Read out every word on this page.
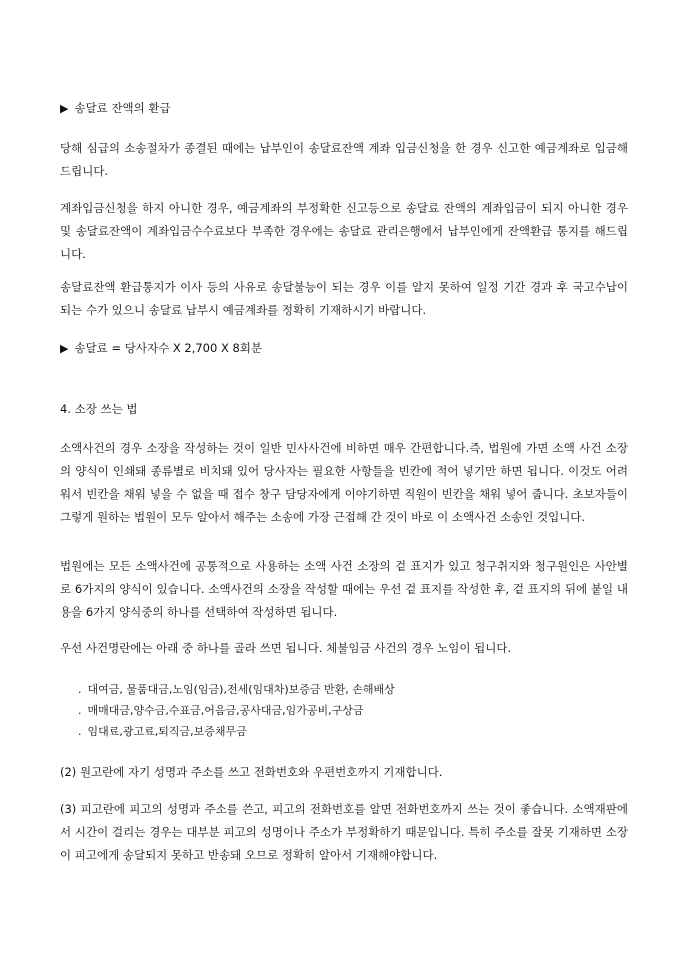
▶ 송달료 잔액의 환급

당해 심급의 소송절차가 종결된 때에는 납부인이 송달료잔액 계좌 입금신청을 한 경우 신고한 예금계좌로 입금해드립니다.

계좌입금신청을 하지 아니한 경우, 예금계좌의 부정확한 신고등으로 송달료 잔액의 계좌입금이 되지 아니한 경우 및 송달료잔액이 계좌입금수수료보다 부족한 경우에는 송달료 관리은행에서 납부인에게 잔액환급 통지를 해드립니다.

송달료잔액 환급통지가 이사 등의 사유로 송달불능이 되는 경우 이를 알지 못하여 일정 기간 경과 후 국고수납이 되는 수가 있으니 송달료 납부시 예금계좌를 정확히 기재하시기 바랍니다.

▶ 송달료 = 당사자수 X 2,700 X 8회분

4. 소장 쓰는 법

소액사건의 경우 소장을 작성하는 것이 일반 민사사건에 비하면 매우 간편합니다.즉, 법원에 가면 소액 사건 소장의 양식이 인쇄돼 종류별로 비치돼 있어 당사자는 필요한 사항들을 빈칸에 적어 넣기만 하면 됩니다. 이것도 어려워서 빈칸을 채워 넣을 수 없을 때 접수 창구 담당자에게 이야기하면 직원이 빈칸을 채워 넣어 줍니다. 초보자들이 그렇게 원하는 법원이 모두 알아서 해주는 소송에 가장 근접해 간 것이 바로 이 소액사건 소송인 것입니다.

법원에는 모든 소액사건에 공통적으로 사용하는 소액 사건 소장의 겉 표지가 있고 청구취지와 청구원인은 사안별로 6가지의 양식이 있습니다. 소액사건의 소장을 작성할 때에는 우선 겉 표지를 작성한 후, 겉 표지의 뒤에 붙일 내용을 6가지 양식중의 하나를 선택하여 작성하면 됩니다.

우선 사건명란에는 아래 중 하나를 골라 쓰면 됩니다. 체불임금 사건의 경우 노임이 됩니다.

. 대여금, 물품대금,노임(임금),전세(임대차)보증금 반환, 손해배상
. 매매대금,양수금,수표금,어음금,공사대금,임가공비,구상금
. 임대료,광고료,퇴직금,보증채무금

(2) 원고란에 자기 성명과 주소를 쓰고 전화번호와 우편번호까지 기재합니다.

(3) 피고란에 피고의 성명과 주소를 쓴고, 피고의 전화번호를 알면 전화번호까지 쓰는 것이 좋습니다. 소액재판에서 시간이 걸리는 경우는 대부분 피고의 성명이나 주소가 부정확하기 때문입니다. 특히 주소를 잘못 기재하면 소장이 피고에게 송달되지 못하고 반송돼 오므로 정확히 알아서 기재해야합니다.
